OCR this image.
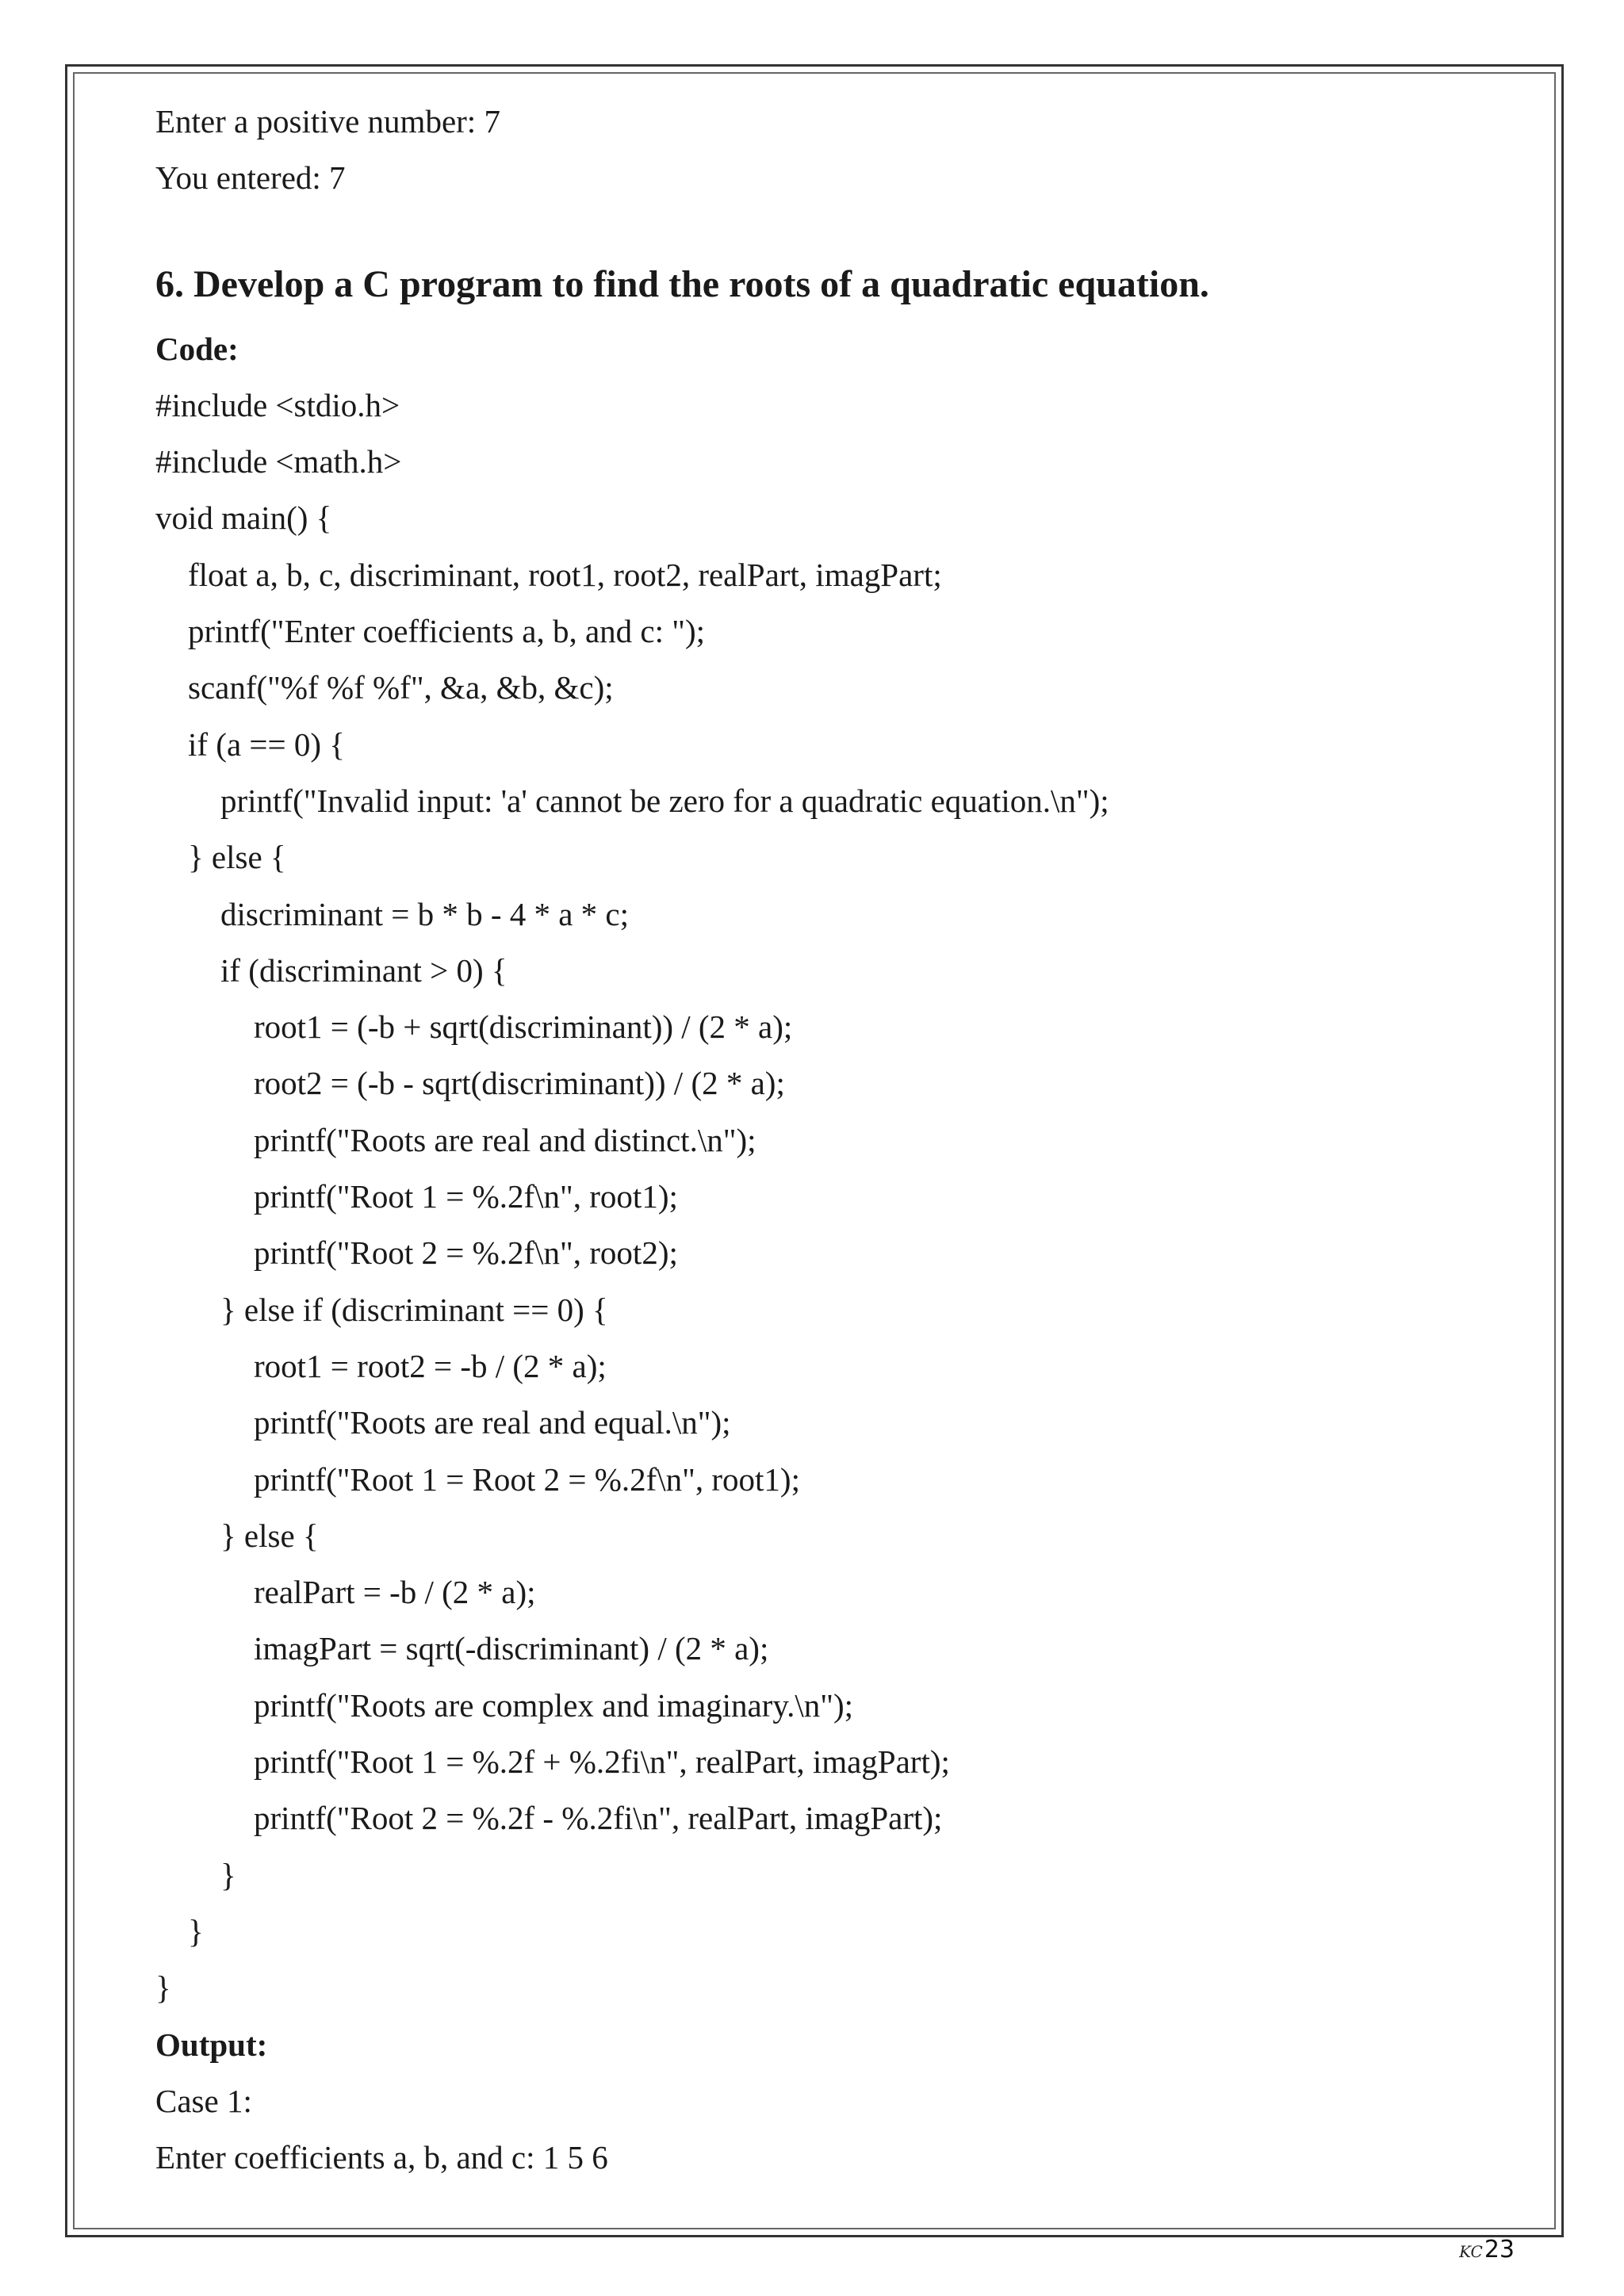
Enter a positive number: 7
You entered: 7
6. Develop a C program to find the roots of a quadratic equation.
Code:
#include <stdio.h>
#include <math.h>
void main() {
float a, b, c, discriminant, root1, root2, realPart, imagPart;
printf("Enter coefficients a, b, and c: ");
scanf("%f %f %f", &a, &b, &c);
if (a == 0) {
printf("Invalid input: 'a' cannot be zero for a quadratic equation.\n");
} else {
discriminant = b * b - 4 * a * c;
if (discriminant > 0) {
root1 = (-b + sqrt(discriminant)) / (2 * a);
root2 = (-b - sqrt(discriminant)) / (2 * a);
printf("Roots are real and distinct.\n");
printf("Root 1 = %.2f\n", root1);
printf("Root 2 = %.2f\n", root2);
} else if (discriminant == 0) {
root1 = root2 = -b / (2 * a);
printf("Roots are real and equal.\n");
printf("Root 1 = Root 2 = %.2f\n", root1);
} else {
realPart = -b / (2 * a);
imagPart = sqrt(-discriminant) / (2 * a);
printf("Roots are complex and imaginary.\n");
printf("Root 1 = %.2f + %.2fi\n", realPart, imagPart);
printf("Root 2 = %.2f - %.2fi\n", realPart, imagPart);
}
}
}
Output:
Case 1:
Enter coefficients a, b, and c: 1 5 6
KC 23
